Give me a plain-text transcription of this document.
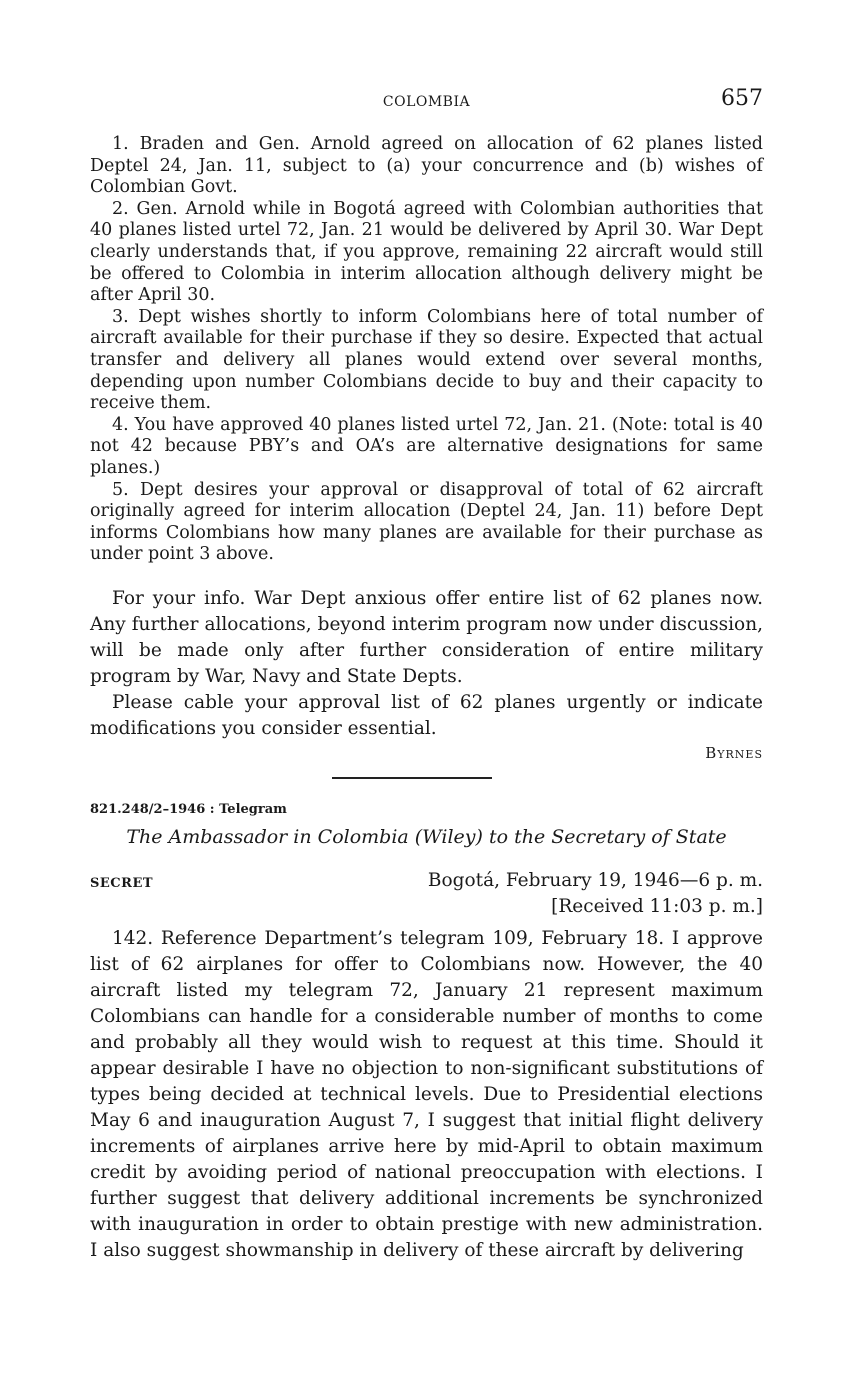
COLOMBIA	657

1. Braden and Gen. Arnold agreed on allocation of 62 planes listed Deptel 24, Jan. 11, subject to (a) your concurrence and (b) wishes of Colombian Govt.

2. Gen. Arnold while in Bogotá agreed with Colombian authorities that 40 planes listed urtel 72, Jan. 21 would be delivered by April 30. War Dept clearly understands that, if you approve, remaining 22 aircraft would still be offered to Colombia in interim allocation although delivery might be after April 30.

3. Dept wishes shortly to inform Colombians here of total number of aircraft available for their purchase if they so desire. Expected that actual transfer and delivery all planes would extend over several months, depending upon number Colombians decide to buy and their capacity to receive them.

4. You have approved 40 planes listed urtel 72, Jan. 21. (Note: total is 40 not 42 because PBY’s and OA’s are alternative designations for same planes.)

5. Dept desires your approval or disapproval of total of 62 aircraft originally agreed for interim allocation (Deptel 24, Jan. 11) before Dept informs Colombians how many planes are available for their purchase as under point 3 above.

For your info. War Dept anxious offer entire list of 62 planes now. Any further allocations, beyond interim program now under discussion, will be made only after further consideration of entire military program by War, Navy and State Depts.

Please cable your approval list of 62 planes urgently or indicate modifications you consider essential.

Byrnes
821.248/2–1946 : Telegram
The Ambassador in Colombia (Wiley) to the Secretary of State
SECRET	Bogotá, February 19, 1946—6 p. m.
[Received 11:03 p. m.]

142. Reference Department’s telegram 109, February 18. I approve list of 62 airplanes for offer to Colombians now. However, the 40 aircraft listed my telegram 72, January 21 represent maximum Colombians can handle for a considerable number of months to come and probably all they would wish to request at this time. Should it appear desirable I have no objection to non-significant substitutions of types being decided at technical levels. Due to Presidential elections May 6 and inauguration August 7, I suggest that initial flight delivery increments of airplanes arrive here by mid-April to obtain maximum credit by avoiding period of national preoccupation with elections. I further suggest that delivery additional increments be synchronized with inauguration in order to obtain prestige with new administration. I also suggest showmanship in delivery of these aircraft by delivering
